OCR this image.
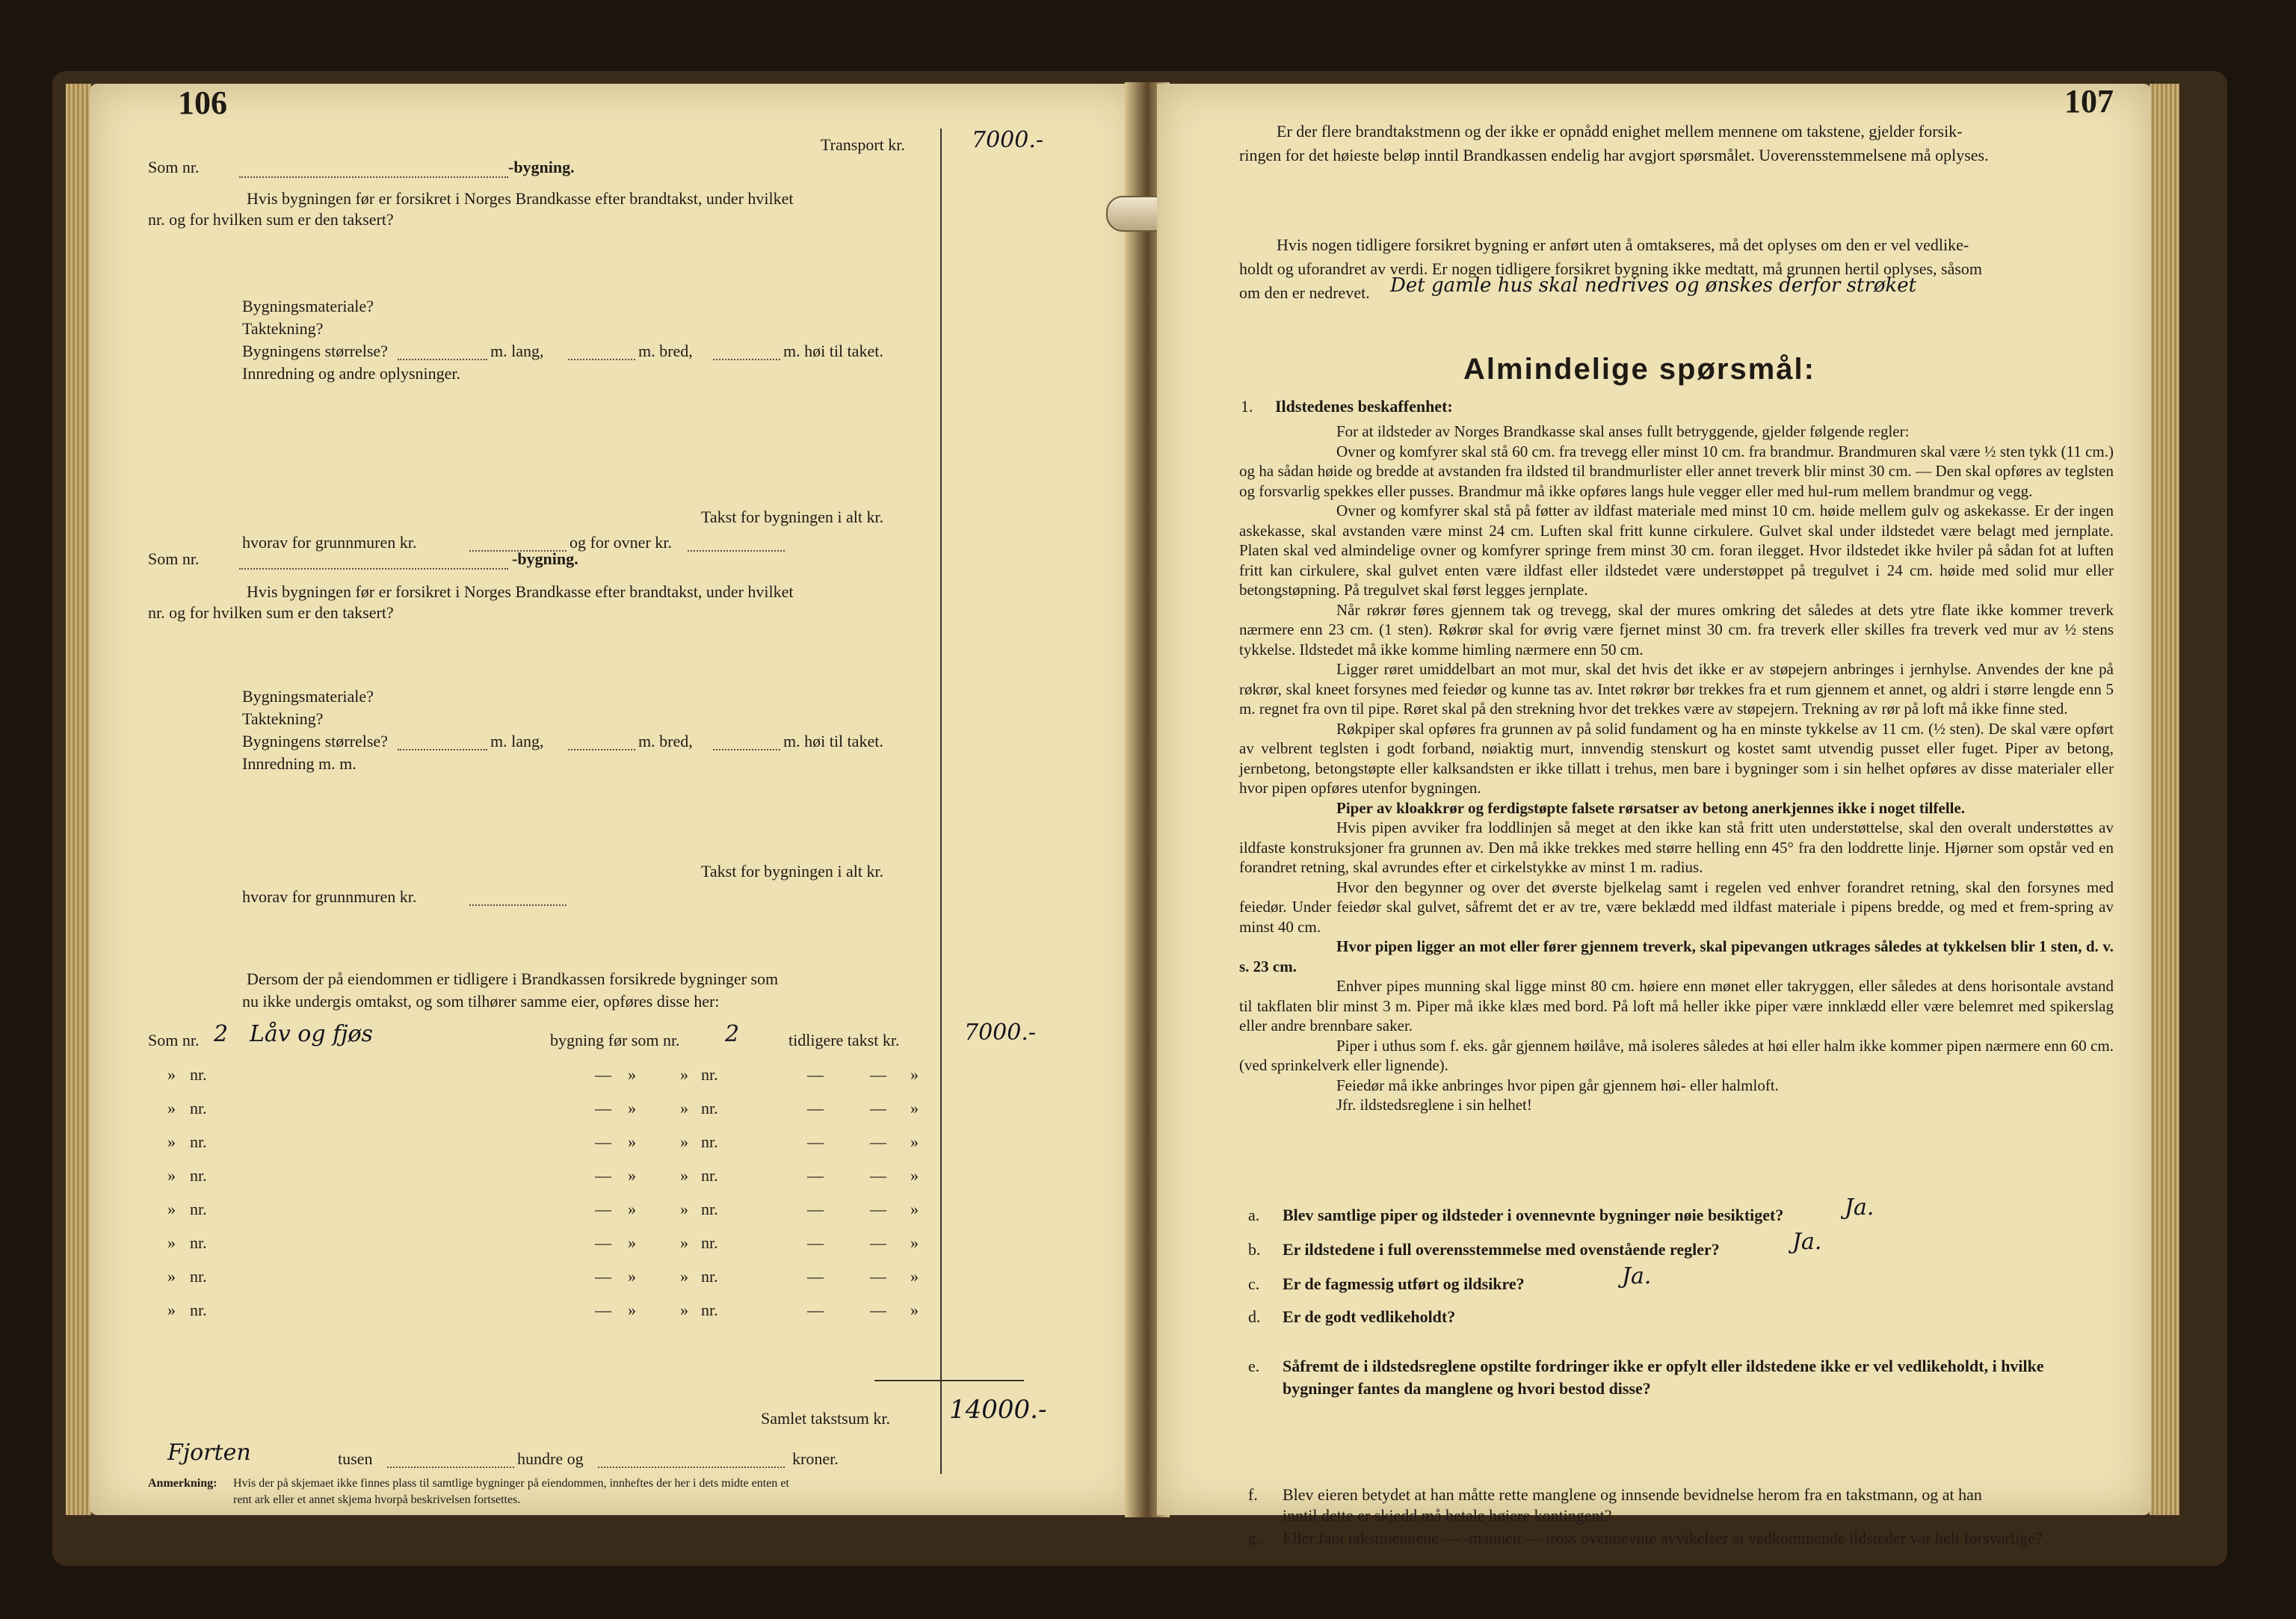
106
Transport kr.	7000.-
Som nr.	-bygning.
Hvis bygningen før er forsikret i Norges Brandkasse efter brandtakst, under hvilket
nr. og for hvilken sum er den taksert?
Bygningsmateriale?
Taktekning?
Bygningens størrelse?	m. lang,	m. bred,	m. høi til taket.
Innredning og andre oplysninger.
Takst for bygningen i alt kr.
hvorav for grunnmuren kr.	og for ovner kr.
Som nr.	-bygning.
Hvis bygningen før er forsikret i Norges Brandkasse efter brandtakst, under hvilket
nr. og for hvilken sum er den taksert?
Bygningsmateriale?
Taktekning?
Bygningens størrelse?	m. lang,	m. bred,	m. høi til taket.
Innredning m. m.
Takst for bygningen i alt kr.
hvorav for grunnmuren kr.
Dersom der på eiendommen er tidligere i Brandkassen forsikrede bygninger som
nu ikke undergis omtakst, og som tilhører samme eier, opføres disse her:
Som nr. 2 Låv og fjøs	bygning før som nr. 2	tidligere takst kr.	7000.-
» nr.	— »	» nr.	—	— »
» nr.	— »	» nr.	—	— »
» nr.	— »	» nr.	—	— »
» nr.	— »	» nr.	—	— »
» nr.	— »	» nr.	—	— »
» nr.	— »	» nr.	—	— »
» nr.	— »	» nr.	—	— »
» nr.	— »	» nr.	—	— »
Samlet takstsum kr. 14000.-
Fjorten	tusen	hundre og	kroner.
Anmerkning: Hvis der på skjemaet ikke finnes plass til samtlige bygninger på eiendommen, innheftes der her i dets midte enten et
rent ark eller et annet skjema hvorpå beskrivelsen fortsettes.
107
Er der flere brandtakstmenn og der ikke er opnådd enighet mellem mennene om takstene, gjelder forsik-
ringen for det høieste beløp inntil Brandkassen endelig har avgjort spørsmålet. Uoverensstemmelsene må oplyses.
Hvis nogen tidligere forsikret bygning er anført uten å omtakseres, må det oplyses om den er vel vedlike-
holdt og uforandret av verdi. Er nogen tidligere forsikret bygning ikke medtatt, må grunnen hertil oplyses, såsom
om den er nedrevet. Det gamle hus skal nedrives og ønskes derfor strøket
Almindelige spørsmål:
1. Ildstedenes beskaffenhet:

For at ildsteder av Norges Brandkasse skal anses fullt betryggende, gjelder følgende regler:

Ovner og komfyrer skal stå 60 cm. fra trevegg eller minst 10 cm. fra brandmur. Brandmuren skal være ½ sten tykk (11 cm.) og ha sådan høide og bredde at avstanden fra ildsted til brandmurlister eller annet treverk blir minst 30 cm. — Den skal opføres av teglsten og forsvarlig spekkes eller pusses. Brandmur må ikke opføres langs hule vegger eller med hul-rum mellem brandmur og vegg.

Ovner og komfyrer skal stå på føtter av ildfast materiale med minst 10 cm. høide mellem gulv og askekasse. Er der ingen askekasse, skal avstanden være minst 24 cm. Luften skal fritt kunne cirkulere. Gulvet skal under ildstedet være belagt med jernplate. Platen skal ved almindelige ovner og komfyrer springe frem minst 30 cm. foran ilegget. Hvor ildstedet ikke hviler på sådan fot at luften fritt kan cirkulere, skal gulvet enten være ildfast eller ildstedet være understøppet på tregulvet i 24 cm. høide med solid mur eller betongstøpning. På tregulvet skal først legges jernplate.

Når røkrør føres gjennem tak og trevegg, skal der mures omkring det således at dets ytre flate ikke kommer treverk nærmere enn 23 cm. (1 sten). Røkrør skal for øvrig være fjernet minst 30 cm. fra treverk eller skilles fra treverk ved mur av ½ stens tykkelse. Ildstedet må ikke komme himling nærmere enn 50 cm.

Ligger røret umiddelbart an mot mur, skal det hvis det ikke er av støpejern anbringes i jernhylse. Anvendes der kne på røkrør, skal kneet forsynes med feiedør og kunne tas av. Intet røkrør bør trekkes fra et rum gjennem et annet, og aldri i større lengde enn 5 m. regnet fra ovn til pipe. Røret skal på den strekning hvor det trekkes være av støpejern. Trekning av rør på loft må ikke finne sted.

Røkpiper skal opføres fra grunnen av på solid fundament og ha en minste tykkelse av 11 cm. (½ sten). De skal være opført av velbrent teglsten i godt forband, nøiaktig murt, innvendig stenskurt og kostet samt utvendig pusset eller fuget. Piper av betong, jernbetong, betongstøpte eller kalksandsten er ikke tillatt i trehus, men bare i bygninger som i sin helhet opføres av disse materialer eller hvor pipen opføres utenfor bygningen.

Piper av kloakkrør og ferdigstøpte falsete rørsatser av betong anerkjennes ikke i noget tilfelle.

Hvis pipen avviker fra loddlinjen så meget at den ikke kan stå fritt uten understøttelse, skal den overalt understøttes av ildfaste konstruksjoner fra grunnen av. Den må ikke trekkes med større helling enn 45° fra den loddrette linje. Hjørner som opstår ved en forandret retning, skal avrundes efter et cirkelstykke av minst 1 m. radius.

Hvor den begynner og over det øverste bjelkelag samt i regelen ved enhver forandret retning, skal den forsynes med feiedør. Under feiedør skal gulvet, såfremt det er av tre, være beklædd med ildfast materiale i pipens bredde, og med et frem-spring av minst 40 cm.

Hvor pipen ligger an mot eller fører gjennem treverk, skal pipevangen utkrages således at tykkelsen blir 1 sten, d. v. s. 23 cm.

Enhver pipes munning skal ligge minst 80 cm. høiere enn mønet eller takryggen, eller således at dens horisontale avstand til takflaten blir minst 3 m. Piper må ikke klæs med bord. På loft må heller ikke piper være innklædd eller være belemret med spikerslag eller andre brennbare saker.

Piper i uthus som f. eks. går gjennem høilåve, må isoleres således at høi eller halm ikke kommer pipen nærmere enn 60 cm. (ved sprinkelverk eller lignende).

Feiedør må ikke anbringes hvor pipen går gjennem høi- eller halmloft.

Jfr. ildstedsreglene i sin helhet!

a. Blev samtlige piper og ildsteder i ovennevnte bygninger nøie besiktiget?	Ja.
b. Er ildstedene i full overensstemmelse med ovenstående regler?	Ja.
c. Er de fagmessig utført og ildsikre?	Ja.
d. Er de godt vedlikeholdt?
e. Såfremt de i ildstedsreglene opstilte fordringer ikke er opfylt eller ildstedene ikke er vel vedlikeholdt, i hvilke
bygninger fantes da manglene og hvori bestod disse?
f. Blev eieren betydet at han måtte rette manglene og innsende bevidnelse herom fra en takstmann, og at han
inntil dette er skjedd må betale høiere kontingent?
g. Eller fant takstmennene — -mannen — tross ovennevnte avvikelser at vedkommende ildsteder var helt forsvarlige?
